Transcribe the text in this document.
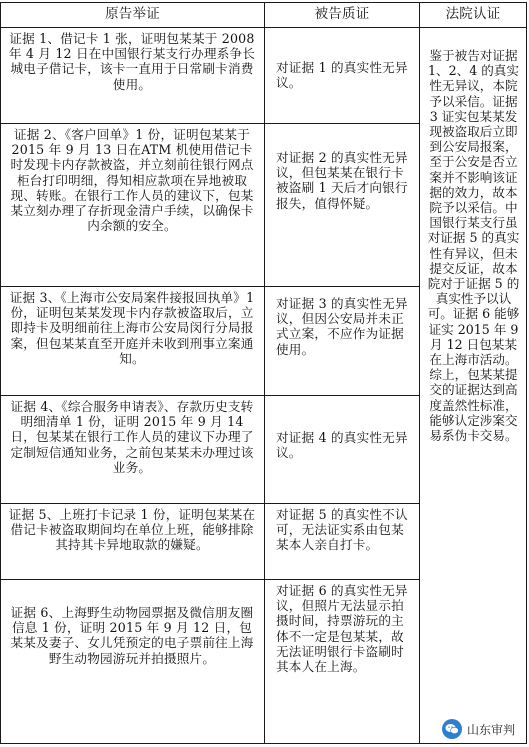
原告举证	被告质证	法院认证
证据 1、借记卡 1 张，证明包某某于 2008 年 4 月 12 日在中国银行某支行办理系争长城电子借记卡，该卡一直用于日常刷卡消费使用。
对证据 1 的真实性无异议。
证据 2、《客户回单》1 份，证明包某某于 2015 年 9 月 13 日在ATM 机使用借记卡时发现卡内存款被盗，并立刻前往银行网点柜台打印明细，得知相应款项在异地被取现、转账。在银行工作人员的建议下，包某某立刻办理了存折现金清户手续，以确保卡内余额的安全。
对证据 2 的真实性无异议，但包某某在银行卡被盗刷 1 天后才向银行报失，值得怀疑。
证据 3、《上海市公安局案件接报回执单》1 份，证明包某某发现卡内存款被盗取后，立即持卡及明细前往上海市公安局闵行分局报案，但包某某直至开庭并未收到刑事立案通知。
对证据 3 的真实性无异议，但因公安局并未正式立案，不应作为证据使用。
证据 4、《综合服务申请表》、存款历史支转明细清单 1 份，证明 2015 年 9 月 14 日，包某某在银行工作人员的建议下办理了定制短信通知业务，之前包某某未办理过该业务。
对证据 4 的真实性无异议。
证据 5、上班打卡记录 1 份，证明包某某在借记卡被盗取期间均在单位上班，能够排除其持其卡异地取款的嫌疑。
对证据 5 的真实性不认可，无法证实系由包某某本人亲自打卡。
证据 6、上海野生动物园票据及微信朋友圈信息 1 份，证明 2015 年 9 月 12 日，包某某及妻子、女儿凭预定的电子票前往上海野生动物园游玩并拍摄照片。
对证据 6 的真实性无异议，但照片无法显示拍摄时间，持票游玩的主体不一定是包某某，故无法证明银行卡盗刷时其本人在上海。
鉴于被告对证据 1、2、4 的真实性无异议，本院予以采信。证据 3 证实包某某发现被盗取后立即到公安局报案，至于公安是否立案并不影响该证据的效力，故本院予以采信。中国银行某支行虽对证据 5 的真实性有异议，但未提交反证，故本院对于证据 5 的真实性予以认可。证据 6 能够证实 2015 年 9 月 12 日包某某在上海市活动。综上，包某某提交的证据达到高度盖然性标准，能够认定涉案交易系伪卡交易。
山东审判
